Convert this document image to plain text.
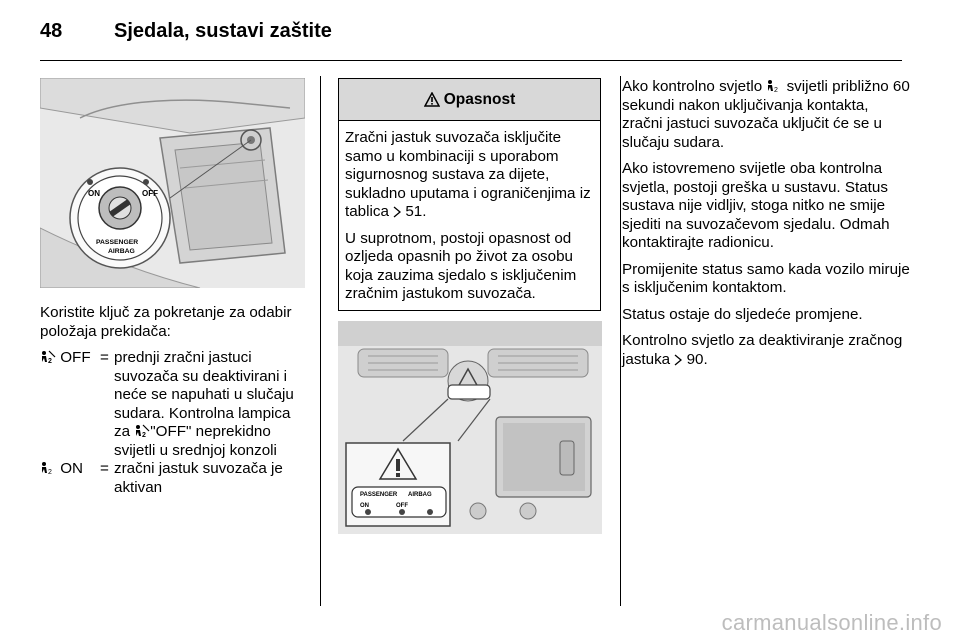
48	Sjedala, sustavi zaštite
ON	OFF
PASSENGER
AIRBAG

Koristite ključ za pokretanje za odabir položaja prekidača:

2 OFF = prednji zračni jastuci suvozača su deaktivirani i neće se napuhati u slučaju sudara. Kontrolna lampica za 2 "OFF" neprekidno svijetli u srednjoj konzoli
2 ON	= zračni jastuk suvozača je aktivan
Opasnost

Zračni jastuk suvozača isključite samo u kombinaciji s uporabom sigurnosnog sustava za dijete, sukladno uputama i ograničenjima iz tablica  51.

U suprotnom, postoji opasnost od ozljeda opasnih po život za osobu koja zauzima sjedalo s isključenim zračnim jastukom suvozača.

PASSENGER AIRBAG
ON	OFF

Ako kontrolno svjetlo 2 svijetli približno 60 sekundi nakon uključivanja kontakta, zračni jastuci suvozača uključit će se u slučaju sudara.

Ako istovremeno svijetle oba kontrolna svjetla, postoji greška u sustavu. Status sustava nije vidljiv, stoga nitko ne smije sjediti na suvozačevom sjedalu. Odmah kontaktirajte radionicu.

Promijenite status samo kada vozilo miruje s isključenim kontaktom.

Status ostaje do sljedeće promjene.

Kontrolno svjetlo za deaktiviranje zračnog jastuka  90.

carmanualsonline.info
